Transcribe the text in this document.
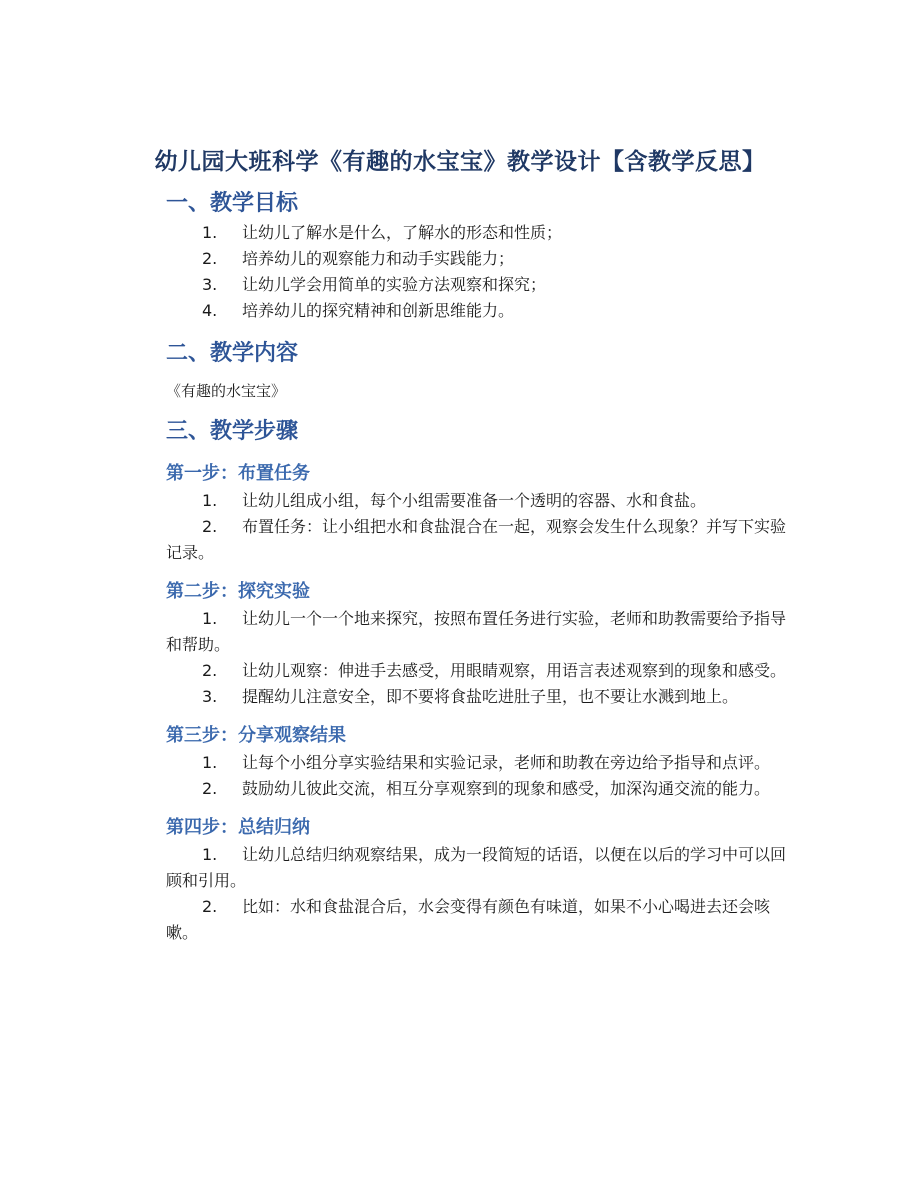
幼儿园大班科学《有趣的水宝宝》教学设计【含教学反思】
一、教学目标
1. 让幼儿了解水是什么，了解水的形态和性质；
2. 培养幼儿的观察能力和动手实践能力；
3. 让幼儿学会用简单的实验方法观察和探究；
4. 培养幼儿的探究精神和创新思维能力。
二、教学内容

《有趣的水宝宝》

三、教学步骤
第一步：布置任务
1. 让幼儿组成小组，每个小组需要准备一个透明的容器、水和食盐。
2. 布置任务：让小组把水和食盐混合在一起，观察会发生什么现象？并写下实验记录。
第二步：探究实验
1. 让幼儿一个一个地来探究，按照布置任务进行实验，老师和助教需要给予指导和帮助。
2. 让幼儿观察：伸进手去感受，用眼睛观察，用语言表述观察到的现象和感受。
3. 提醒幼儿注意安全，即不要将食盐吃进肚子里，也不要让水溅到地上。
第三步：分享观察结果
1. 让每个小组分享实验结果和实验记录，老师和助教在旁边给予指导和点评。
2. 鼓励幼儿彼此交流，相互分享观察到的现象和感受，加深沟通交流的能力。
第四步：总结归纳
1. 让幼儿总结归纳观察结果，成为一段简短的话语，以便在以后的学习中可以回顾和引用。
2. 比如：水和食盐混合后，水会变得有颜色有味道，如果不小心喝进去还会咳嗽。
